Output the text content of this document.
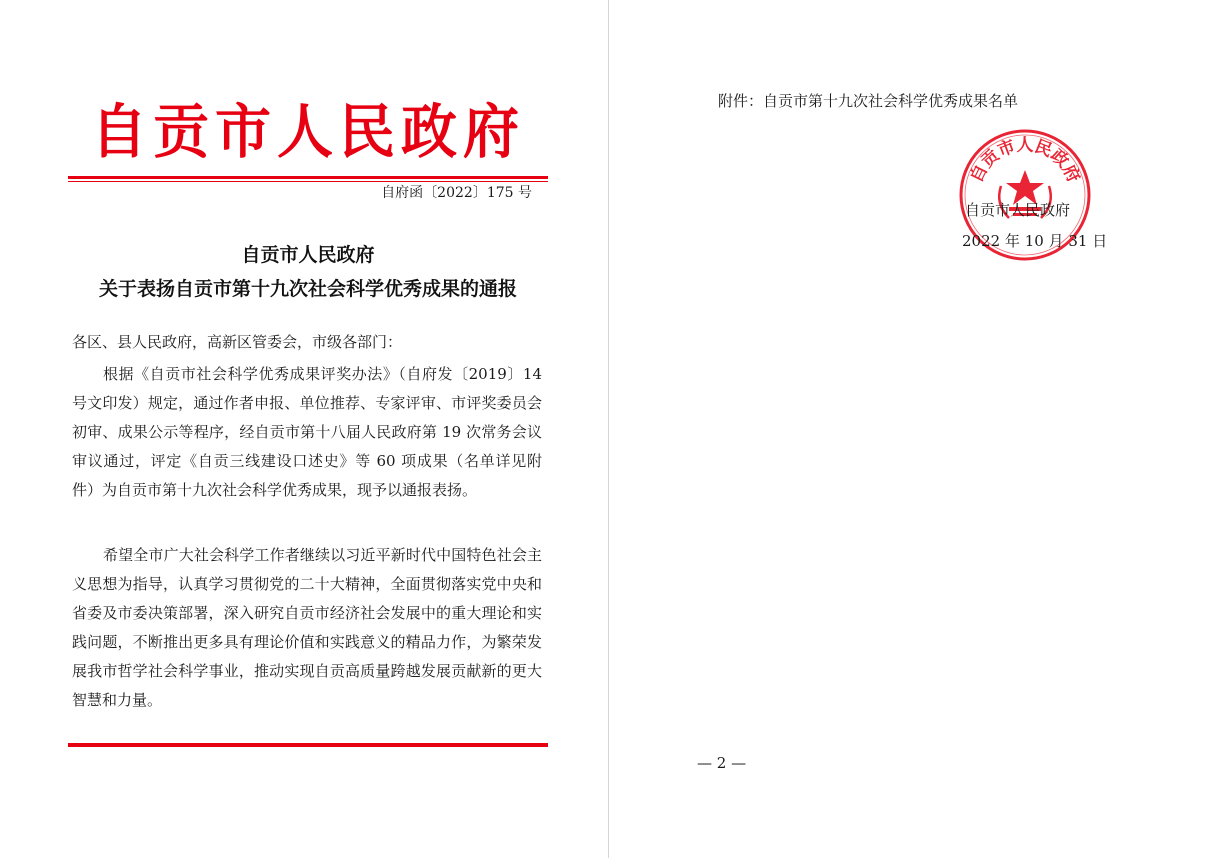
自贡市人民政府
自府函〔2022〕175 号
自贡市人民政府
关于表扬自贡市第十九次社会科学优秀成果的通报
各区、县人民政府，高新区管委会，市级各部门：

根据《自贡市社会科学优秀成果评奖办法》（自府发〔2019〕14 号文印发）规定，通过作者申报、单位推荐、专家评审、市评奖委员会初审、成果公示等程序，经自贡市第十八届人民政府第 19 次常务会议审议通过，评定《自贡三线建设口述史》等 60 项成果（名单详见附件）为自贡市第十九次社会科学优秀成果，现予以通报表扬。

希望全市广大社会科学工作者继续以习近平新时代中国特色社会主义思想为指导，认真学习贯彻党的二十大精神，全面贯彻落实党中央和省委及市委决策部署，深入研究自贡市经济社会发展中的重大理论和实践问题，不断推出更多具有理论价值和实践意义的精品力作，为繁荣发展我市哲学社会科学事业，推动实现自贡高质量跨越发展贡献新的更大智慧和力量。

附件：自贡市第十九次社会科学优秀成果名单
自贡市人民政府
自贡市人民政府
2022 年 10 月 31 日
— 2 —
